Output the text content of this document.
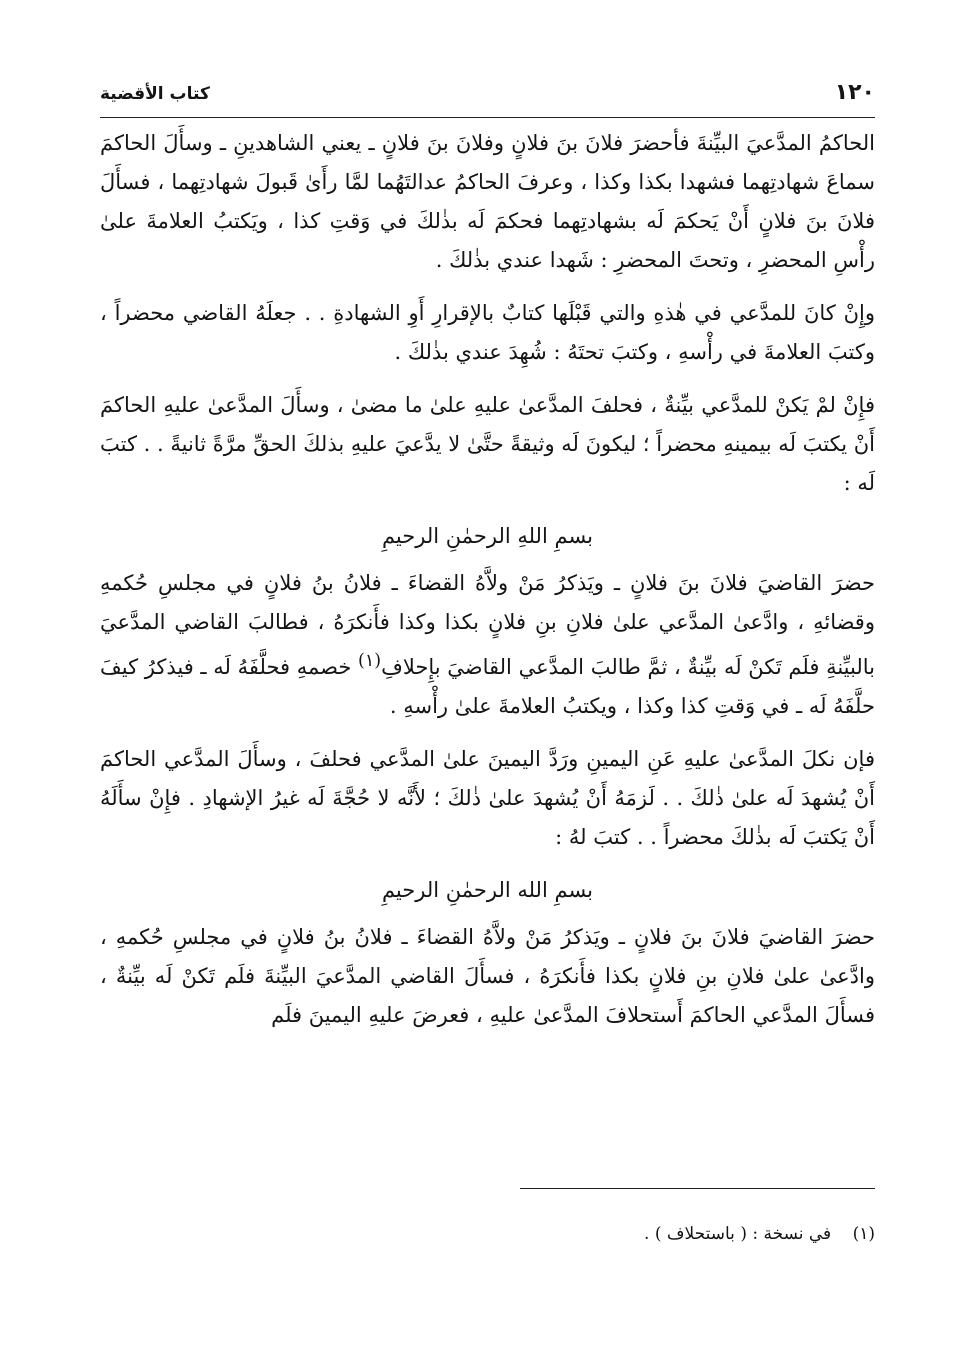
١٢٠
كتاب الأقضية

الحاكمُ المدَّعيَ البيِّنةَ فأحضرَ فلانَ بنَ فلانٍ وفلانَ بنَ فلانٍ ـ يعني الشاهدينِ ـ وسأَلَ الحاكمَ سماعَ شهادتِهما فشهدا بكذا وكذا ، وعرفَ الحاكمُ عدالتَهُما لمَّا رأَىٰ قَبولَ شهادتِهما ، فسأَلَ فلانَ بنَ فلانٍ أَنْ يَحكمَ لَه بشهادتِهما فحكمَ لَه بذٰلكَ في وَقتِ كذا ، ويَكتبُ العلامةَ علىٰ رأْسِ المحضرِ ، وتحتَ المحضرِ : شَهدا عندي بذٰلكَ .

وإِنْ كانَ للمدَّعي في هٰذهِ والتي قَبْلَها كتابٌ بالإقرارِ أَوِ الشهادةِ . . جعلَهُ القاضي محضراً ، وكتبَ العلامةَ في رأْسهِ ، وكتبَ تحتَهُ : شُهِدَ عندي بذٰلكَ .

فإِنْ لمْ يَكنْ للمدَّعي بيِّنةٌ ، فحلفَ المدَّعىٰ عليهِ علىٰ ما مضىٰ ، وسأَلَ المدَّعىٰ عليهِ الحاكمَ أَنْ يكتبَ لَه بيمينهِ محضراً ؛ ليكونَ لَه وثيقةً حتَّىٰ لا يدَّعيَ عليهِ بذلكَ الحقِّ مرَّةً ثانيةً . . كتبَ لَه :

بسمِ اللهِ الرحمٰنِ الرحيمِ

حضرَ القاضيَ فلانَ بنَ فلانٍ ـ ويَذكرُ مَنْ ولاَّهُ القضاءَ ـ فلانُ بنُ فلانٍ في مجلسِ حُكمهِ وقضائهِ ، وادَّعىٰ المدَّعي علىٰ فلانِ بنِ فلانٍ بكذا وكذا فأَنكرَهُ ، فطالبَ القاضي المدَّعيَ بالبيِّنةِ فلَم تَكنْ لَه بيِّنةٌ ، ثمَّ طالبَ المدَّعي القاضيَ بإِحلافِ$^{(١)}$ خصمهِ فحلَّفَهُ لَه ـ فيذكرُ كيفَ حلَّفَهُ لَه ـ في وَقتِ كذا وكذا ، ويكتبُ العلامةَ علىٰ رأْسهِ .

فإن نكلَ المدَّعىٰ عليهِ عَنِ اليمينِ ورَدَّ اليمينَ علىٰ المدَّعي فحلفَ ، وسأَلَ المدَّعي الحاكمَ أَنْ يُشهدَ لَه علىٰ ذٰلكَ . . لَزمَهُ أَنْ يُشهدَ علىٰ ذٰلكَ ؛ لأَنَّه لا حُجَّةَ لَه غيرُ الإشهادِ . فإِنْ سأَلَهُ أَنْ يَكتبَ لَه بذٰلكَ محضراً . . كتبَ لهُ :

بسمِ الله الرحمٰنِ الرحيمِ

حضرَ القاضيَ فلانَ بنَ فلانٍ ـ ويَذكرُ مَنْ ولاَّهُ القضاءَ ـ فلانُ بنُ فلانٍ في مجلسِ حُكمهِ ، وادَّعىٰ علىٰ فلانِ بنِ فلانٍ بكذا فأَنكرَهُ ، فسأَلَ القاضي المدَّعيَ البيِّنةَ فلَم تَكنْ لَه بيِّنةٌ ، فسأَلَ المدَّعي الحاكمَ أَستحلافَ المدَّعىٰ عليهِ ، فعرضَ عليهِ اليمينَ فلَم

(١) في نسخة : ( باستحلاف ) .
